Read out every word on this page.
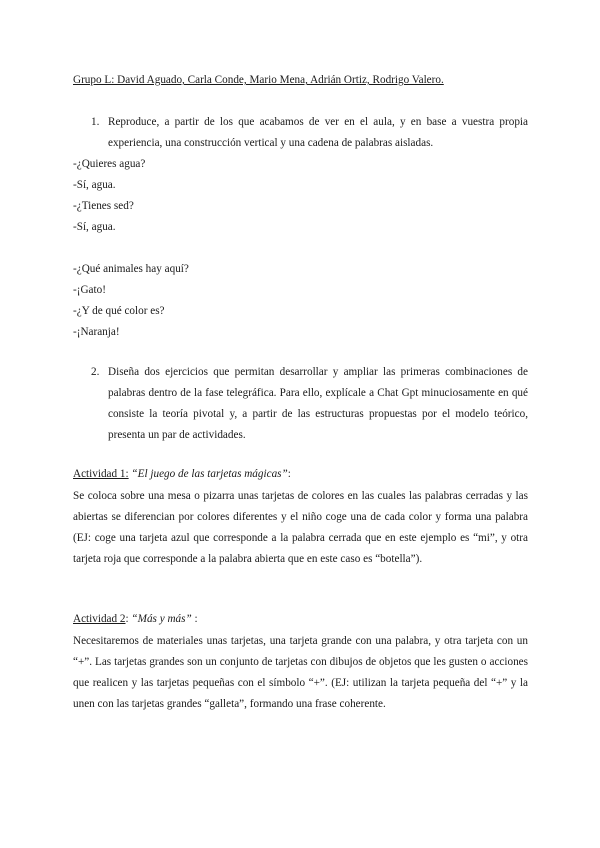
Grupo L: David Aguado, Carla Conde, Mario Mena, Adrián Ortiz, Rodrigo Valero.
1. Reproduce, a partir de los que acabamos de ver en el aula, y en base a vuestra propia experiencia, una construcción vertical y una cadena de palabras aisladas.
-¿Quieres agua?
-Sí, agua.
-¿Tienes sed?
-Sí, agua.
-¿Qué animales hay aquí?
-¡Gato!
-¿Y de qué color es?
-¡Naranja!
2. Diseña dos ejercicios que permitan desarrollar y ampliar las primeras combinaciones de palabras dentro de la fase telegráfica. Para ello, explícale a Chat Gpt minuciosamente en qué consiste la teoría pivotal y, a partir de las estructuras propuestas por el modelo teórico, presenta un par de actividades.
Actividad 1: “El juego de las tarjetas mágicas”:
Se coloca sobre una mesa o pizarra unas tarjetas de colores en las cuales las palabras cerradas y las abiertas se diferencian por colores diferentes y el niño coge una de cada color y forma una palabra (EJ: coge una tarjeta azul que corresponde a la palabra cerrada que en este ejemplo es “mi”, y otra tarjeta roja que corresponde a la palabra abierta que en este caso es “botella”).
Actividad 2: “Más y más” :
Necesitaremos de materiales unas tarjetas, una tarjeta grande con una palabra, y otra tarjeta con un “+”. Las tarjetas grandes son un conjunto de tarjetas con dibujos de objetos que les gusten o acciones que realicen y las tarjetas pequeñas con el símbolo “+”. (EJ: utilizan la tarjeta pequeña del “+” y la unen con las tarjetas grandes “galleta”, formando una frase coherente.
